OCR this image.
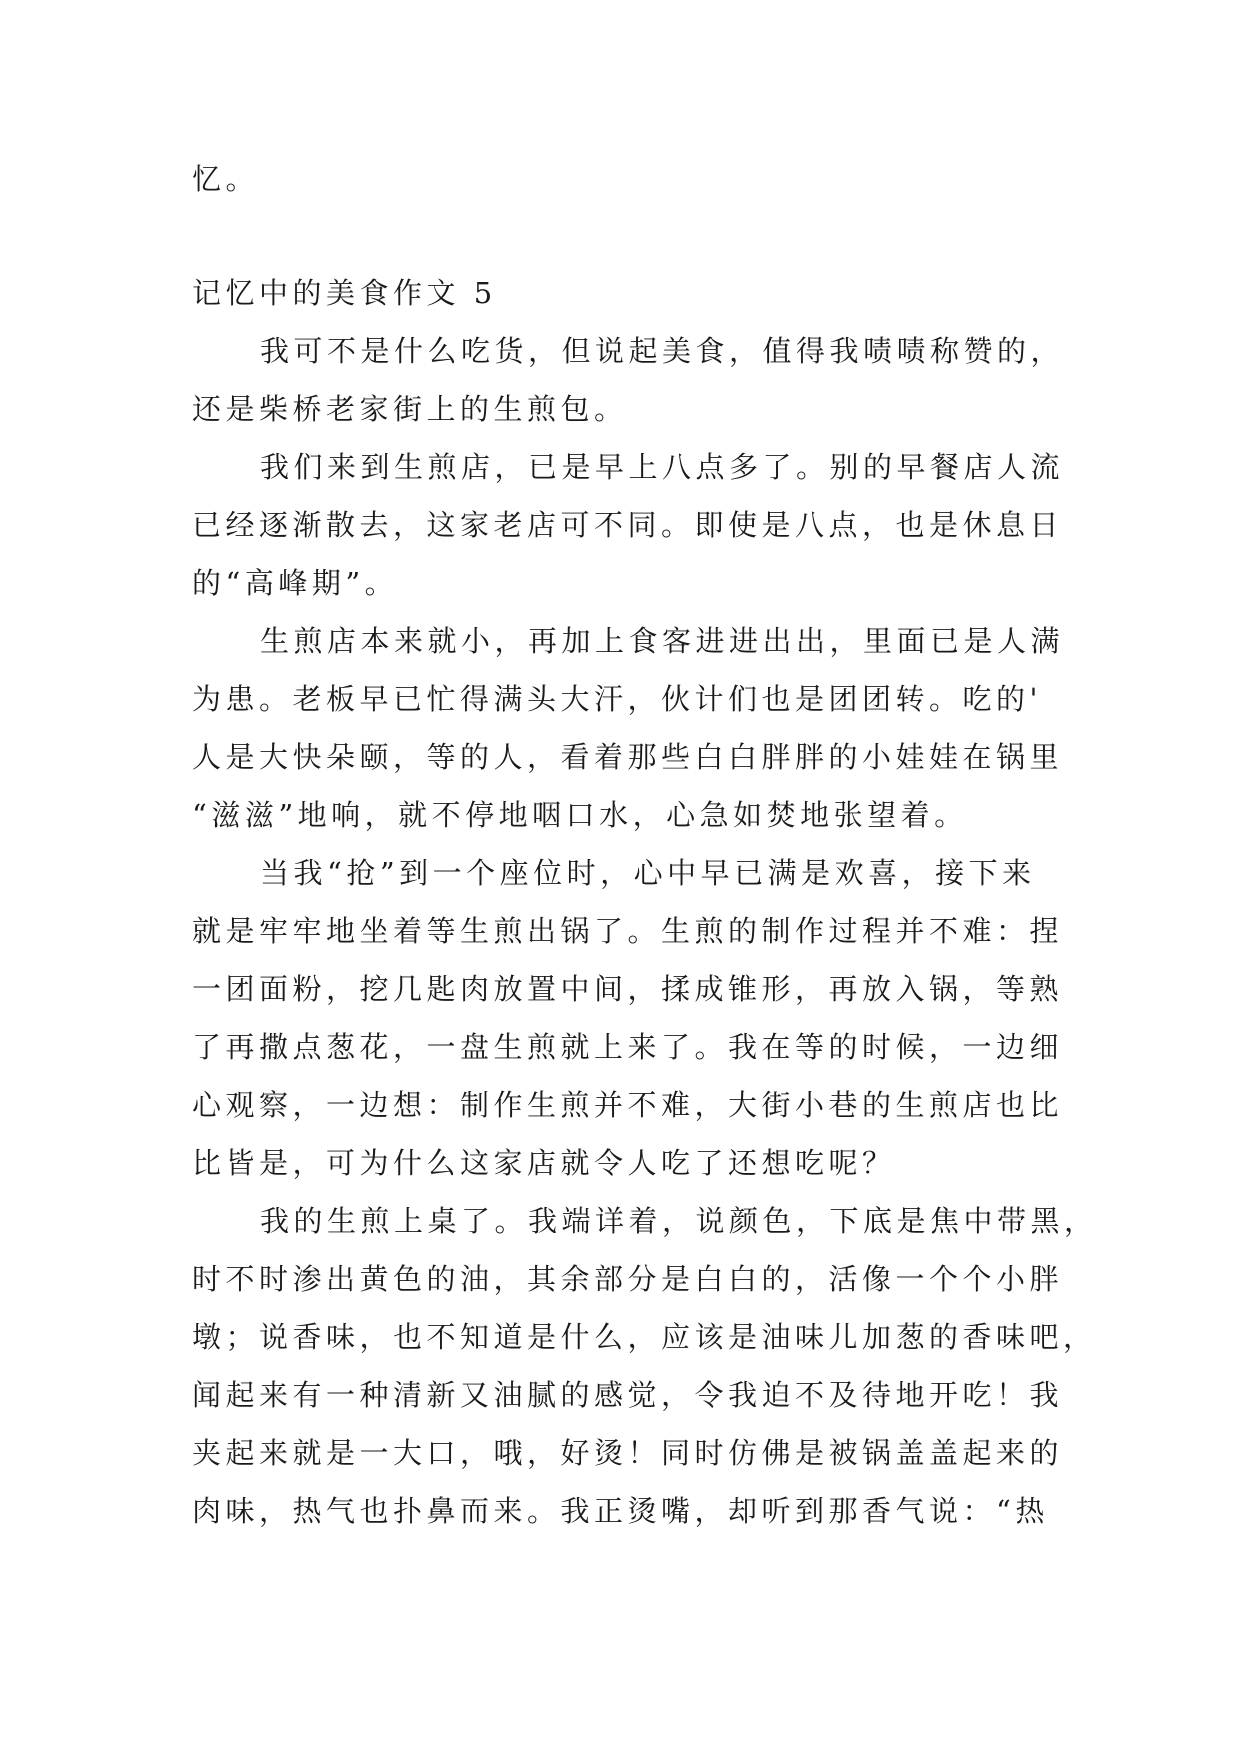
忆。
记忆中的美食作文 5
我可不是什么吃货，但说起美食，值得我啧啧称赞的，
还是柴桥老家街上的生煎包。
我们来到生煎店，已是早上八点多了。别的早餐店人流
已经逐渐散去，这家老店可不同。即使是八点，也是休息日
的“高峰期”。
生煎店本来就小，再加上食客进进出出，里面已是人满
为患。老板早已忙得满头大汗，伙计们也是团团转。吃的'
人是大快朵颐，等的人，看着那些白白胖胖的小娃娃在锅里
“滋滋”地响，就不停地咽口水，心急如焚地张望着。
当我“抢”到一个座位时，心中早已满是欢喜，接下来
就是牢牢地坐着等生煎出锅了。生煎的制作过程并不难：捏
一团面粉，挖几匙肉放置中间，揉成锥形，再放入锅，等熟
了再撒点葱花，一盘生煎就上来了。我在等的时候，一边细
心观察，一边想：制作生煎并不难，大街小巷的生煎店也比
比皆是，可为什么这家店就令人吃了还想吃呢？
我的生煎上桌了。我端详着，说颜色，下底是焦中带黑，
时不时渗出黄色的油，其余部分是白白的，活像一个个小胖
墩；说香味，也不知道是什么，应该是油味儿加葱的香味吧，
闻起来有一种清新又油腻的感觉，令我迫不及待地开吃！我
夹起来就是一大口，哦，好烫！同时仿佛是被锅盖盖起来的
肉味，热气也扑鼻而来。我正烫嘴，却听到那香气说：“热
